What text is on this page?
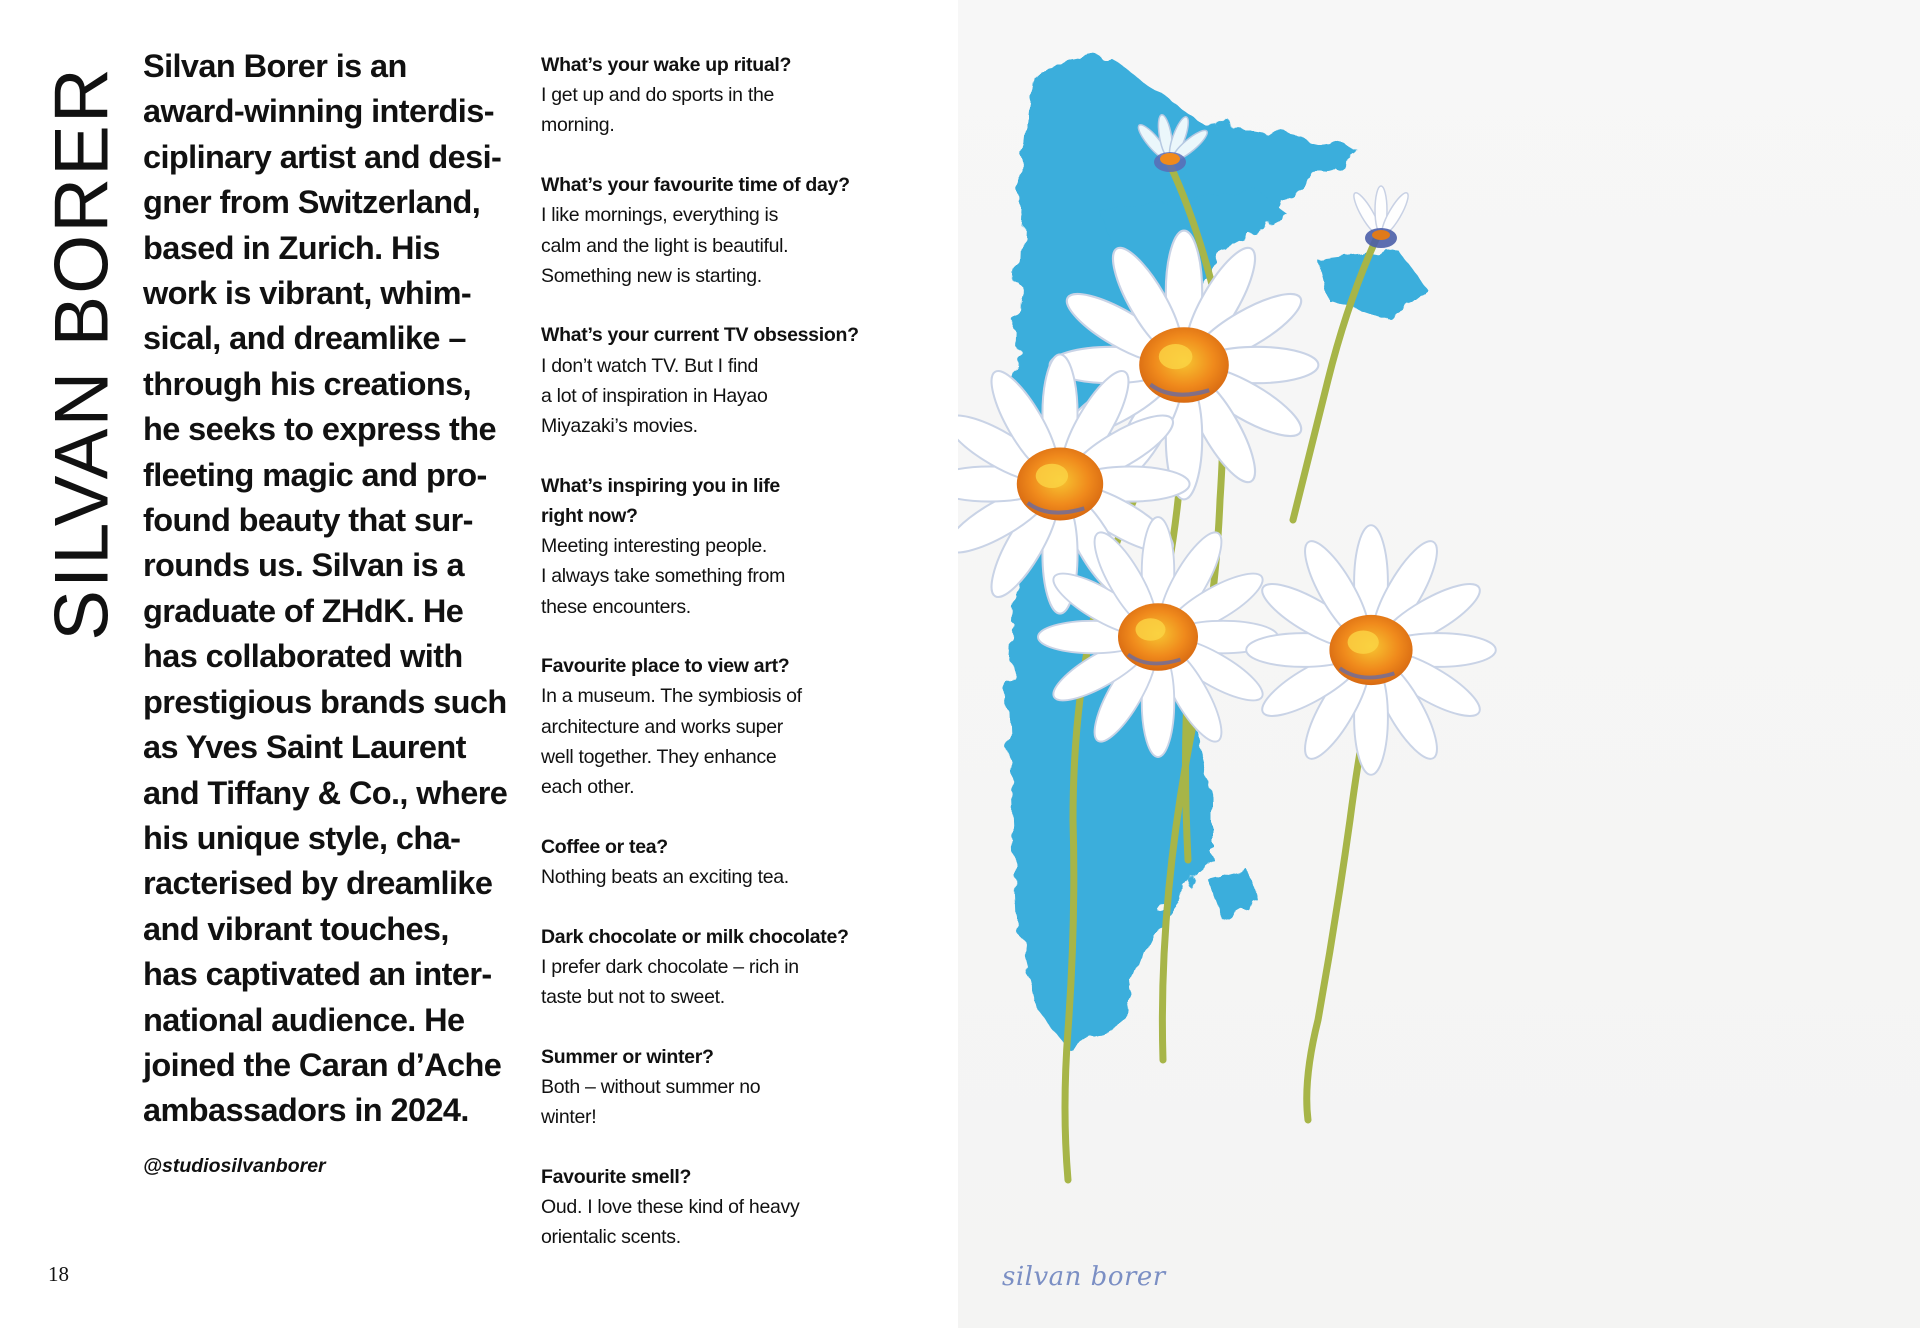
SILVAN BORER Silvan Borer is an
award-winning interdis-
ciplinary artist and desi-
gner from Switzerland,
based in Zurich. His
work is vibrant, whim-
sical, and dreamlike –
through his creations,
he seeks to express the
fleeting magic and pro-
found beauty that sur-
rounds us. Silvan is a
graduate of ZHdK. He
has collaborated with
prestigious brands such
as Yves Saint Laurent
and Tiffany & Co., where
his unique style, cha-
racterised by dreamlike
and vibrant touches,
has captivated an inter-
national audience. He
joined the Caran d’Ache
ambassadors in 2024.
@studiosilvanborer
18
What’s your wake up ritual?
I get up and do sports in the
morning.
What’s your favourite time of day?
I like mornings, everything is
calm and the light is beautiful.
Something new is starting.
What’s your current TV obsession?
I don’t watch TV. But I find
a lot of inspiration in Hayao
Miyazaki’s movies.
What’s inspiring you in life
right now?
Meeting interesting people.
I always take something from
these encounters.
Favourite place to view art?
In a museum. The symbiosis of
architecture and works super
well together. They enhance
each other.
Coffee or tea?
Nothing beats an exciting tea.
Dark chocolate or milk chocolate?
I prefer dark chocolate – rich in
taste but not to sweet.
Summer or winter?
Both – without summer no
winter!
Favourite smell?
Oud. I love these kind of heavy
orientalic scents.
silvan borer
